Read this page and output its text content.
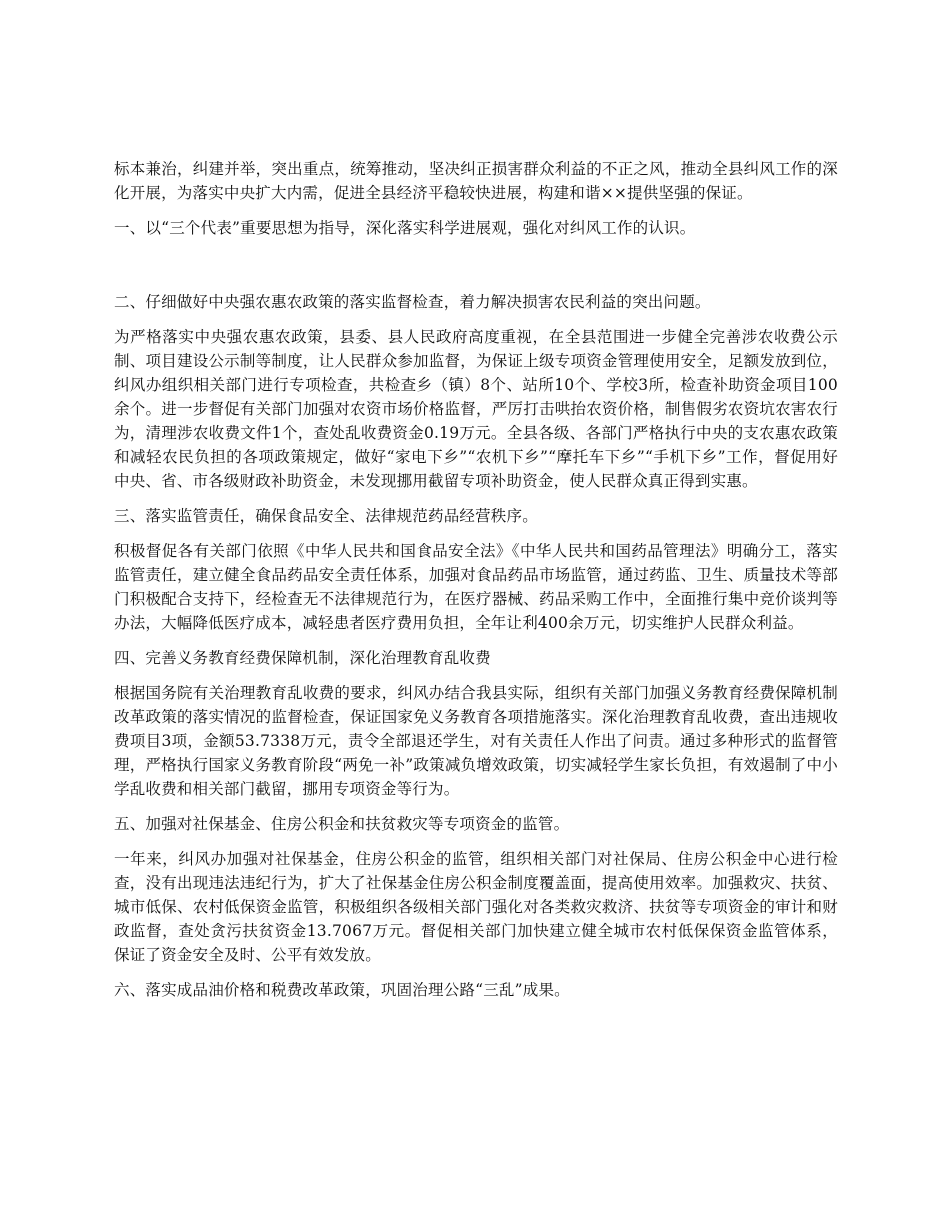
标本兼治，纠建并举，突出重点，统筹推动，坚决纠正损害群众利益的不正之风，推动全县纠风工作的深化开展，为落实中央扩大内需，促进全县经济平稳较快进展，构建和谐××提供坚强的保证。

一、以“三个代表”重要思想为指导，深化落实科学进展观，强化对纠风工作的认识。

二、仔细做好中央强农惠农政策的落实监督检查，着力解决损害农民利益的突出问题。

为严格落实中央强农惠农政策，县委、县人民政府高度重视，在全县范围进一步健全完善涉农收费公示制、项目建设公示制等制度，让人民群众参加监督，为保证上级专项资金管理使用安全，足额发放到位，纠风办组织相关部门进行专项检查，共检查乡（镇）8个、站所10个、学校3所，检查补助资金项目100余个。进一步督促有关部门加强对农资市场价格监督，严厉打击哄抬农资价格，制售假劣农资坑农害农行为，清理涉农收费文件1个，查处乱收费资金0.19万元。全县各级、各部门严格执行中央的支农惠农政策和减轻农民负担的各项政策规定，做好“家电下乡”“农机下乡”“摩托车下乡”“手机下乡”工作，督促用好中央、省、市各级财政补助资金，未发现挪用截留专项补助资金，使人民群众真正得到实惠。

三、落实监管责任，确保食品安全、法律规范药品经营秩序。

积极督促各有关部门依照《中华人民共和国食品安全法》《中华人民共和国药品管理法》明确分工，落实监管责任，建立健全食品药品安全责任体系，加强对食品药品市场监管，通过药监、卫生、质量技术等部门积极配合支持下，经检查无不法律规范行为，在医疗器械、药品采购工作中，全面推行集中竞价谈判等办法，大幅降低医疗成本，减轻患者医疗费用负担，全年让利400余万元，切实维护人民群众利益。

四、完善义务教育经费保障机制，深化治理教育乱收费

根据国务院有关治理教育乱收费的要求，纠风办结合我县实际，组织有关部门加强义务教育经费保障机制改革政策的落实情况的监督检查，保证国家免义务教育各项措施落实。深化治理教育乱收费，查出违规收费项目3项，金额53.7338万元，责令全部退还学生，对有关责任人作出了问责。通过多种形式的监督管理，严格执行国家义务教育阶段“两免一补”政策减负增效政策，切实减轻学生家长负担，有效遏制了中小学乱收费和相关部门截留，挪用专项资金等行为。

五、加强对社保基金、住房公积金和扶贫救灾等专项资金的监管。

一年来，纠风办加强对社保基金，住房公积金的监管，组织相关部门对社保局、住房公积金中心进行检查，没有出现违法违纪行为，扩大了社保基金住房公积金制度覆盖面，提高使用效率。加强救灾、扶贫、城市低保、农村低保资金监管，积极组织各级相关部门强化对各类救灾救济、扶贫等专项资金的审计和财政监督，查处贪污扶贫资金13.7067万元。督促相关部门加快建立健全城市农村低保保资金监管体系，保证了资金安全及时、公平有效发放。

六、落实成品油价格和税费改革政策，巩固治理公路“三乱”成果。
